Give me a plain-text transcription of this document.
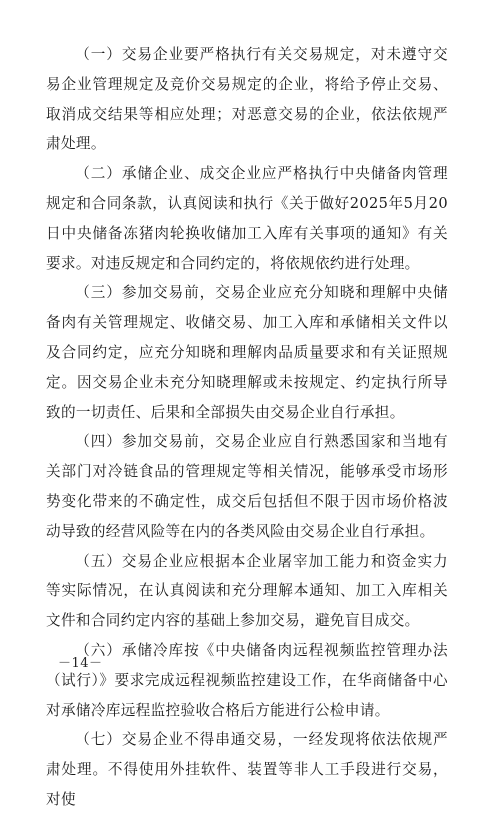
（一）交易企业要严格执行有关交易规定，对未遵守交易企业管理规定及竞价交易规定的企业，将给予停止交易、取消成交结果等相应处理；对恶意交易的企业，依法依规严肃处理。

（二）承储企业、成交企业应严格执行中央储备肉管理规定和合同条款，认真阅读和执行《关于做好2025年5月20日中央储备冻猪肉轮换收储加工入库有关事项的通知》有关要求。对违反规定和合同约定的，将依规依约进行处理。

（三）参加交易前，交易企业应充分知晓和理解中央储备肉有关管理规定、收储交易、加工入库和承储相关文件以及合同约定，应充分知晓和理解肉品质量要求和有关证照规定。因交易企业未充分知晓理解或未按规定、约定执行所导致的一切责任、后果和全部损失由交易企业自行承担。

（四）参加交易前，交易企业应自行熟悉国家和当地有关部门对冷链食品的管理规定等相关情况，能够承受市场形势变化带来的不确定性，成交后包括但不限于因市场价格波动导致的经营风险等在内的各类风险由交易企业自行承担。

（五）交易企业应根据本企业屠宰加工能力和资金实力等实际情况，在认真阅读和充分理解本通知、加工入库相关文件和合同约定内容的基础上参加交易，避免盲目成交。

（六）承储冷库按《中央储备肉远程视频监控管理办法（试行）》要求完成远程视频监控建设工作，在华商储备中心对承储冷库远程监控验收合格后方能进行公检申请。

（七）交易企业不得串通交易，一经发现将依法依规严肃处理。不得使用外挂软件、装置等非人工手段进行交易，对使

－14－
